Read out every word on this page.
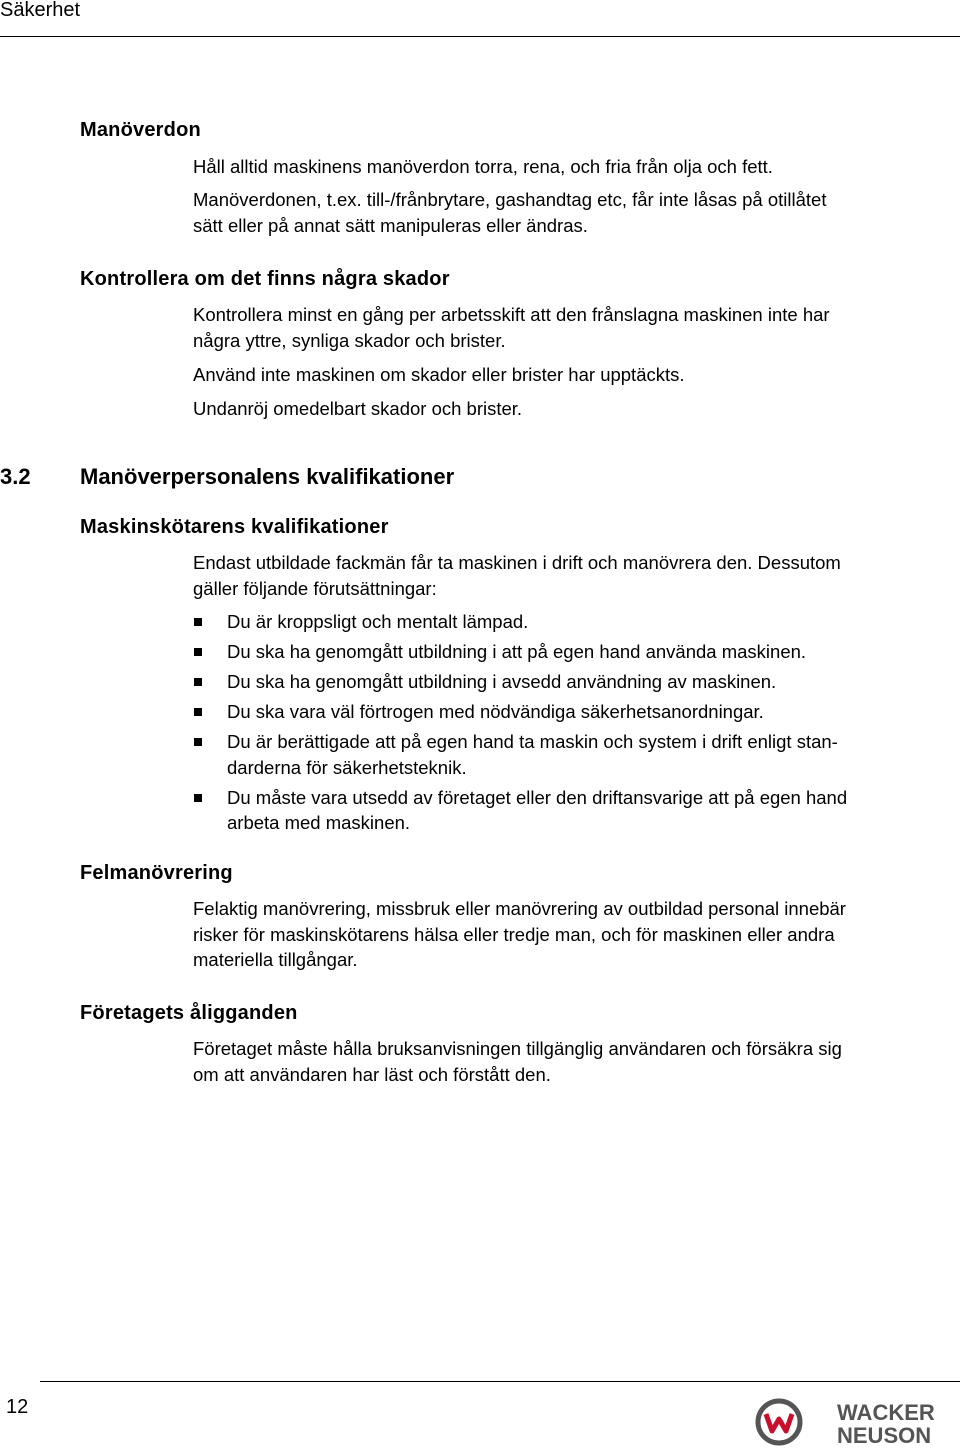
Säkerhet
Manöverdon
Håll alltid maskinens manöverdon torra, rena, och fria från olja och fett.
Manöverdonen, t.ex. till-/frånbrytare, gashandtag etc, får inte låsas på otillåtet
sätt eller på annat sätt manipuleras eller ändras.
Kontrollera om det finns några skador
Kontrollera minst en gång per arbetsskift att den frånslagna maskinen inte har
några yttre, synliga skador och brister.
Använd inte maskinen om skador eller brister har upptäckts.
Undanröj omedelbart skador och brister.
3.2 Manöverpersonalens kvalifikationer
Maskinskötarens kvalifikationer
Endast utbildade fackmän får ta maskinen i drift och manövrera den. Dessutom
gäller följande förutsättningar:
Du är kroppsligt och mentalt lämpad.
Du ska ha genomgått utbildning i att på egen hand använda maskinen.
Du ska ha genomgått utbildning i avsedd användning av maskinen.
Du ska vara väl förtrogen med nödvändiga säkerhetsanordningar.
Du är berättigade att på egen hand ta maskin och system i drift enligt stan-
darderna för säkerhetsteknik.
Du måste vara utsedd av företaget eller den driftansvarige att på egen hand
arbeta med maskinen.
Felmanövrering
Felaktig manövrering, missbruk eller manövrering av outbildad personal innebär
risker för maskinskötarens hälsa eller tredje man, och för maskinen eller andra
materiella tillgångar.
Företagets åligganden
Företaget måste hålla bruksanvisningen tillgänglig användaren och försäkra sig
om att användaren har läst och förstått den.
12	WACKER
NEUSON
